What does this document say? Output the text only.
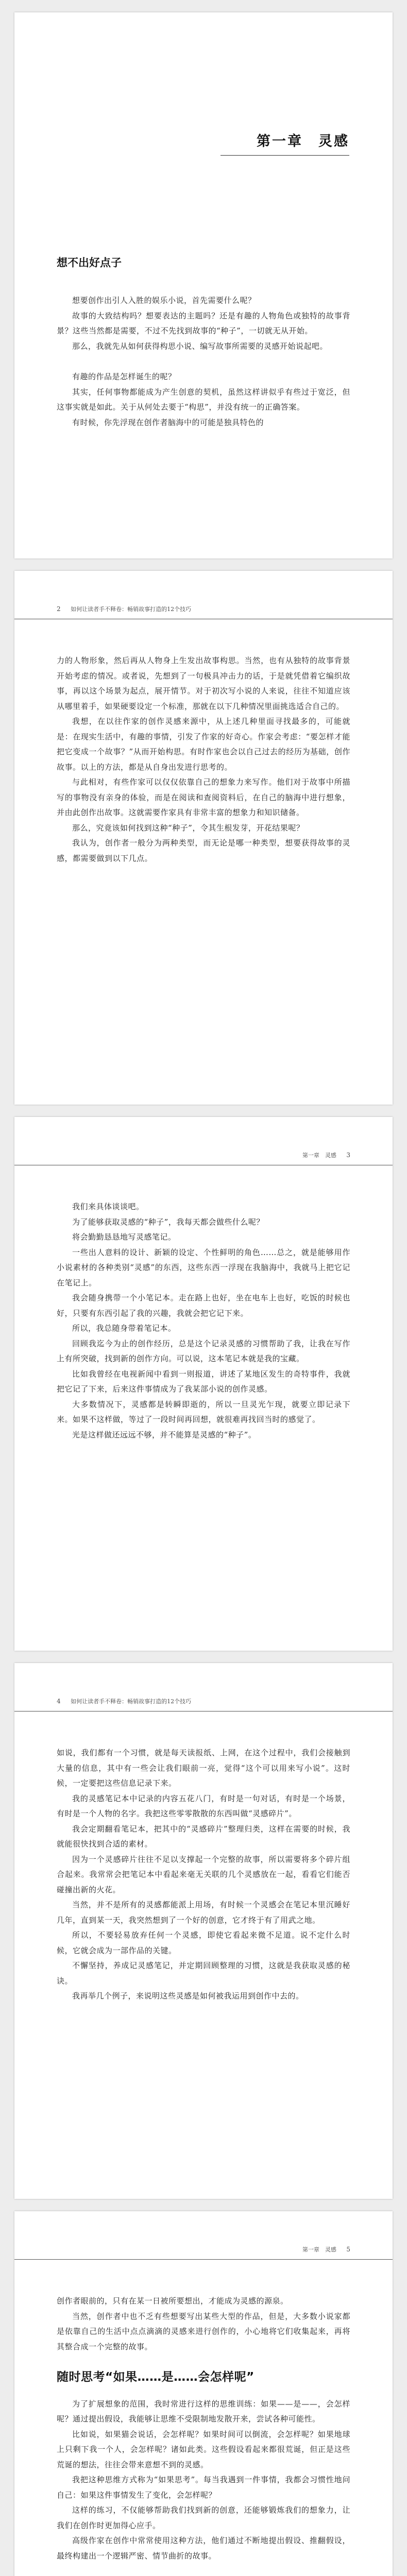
第一章　灵感
想不出好点子

想要创作出引人入胜的娱乐小说，首先需要什么呢？

故事的大致结构吗？想要表达的主题吗？还是有趣的人物角色或独特的故事背景？这些当然都是需要，不过不先找到故事的“种子”，一切就无从开始。

那么，我就先从如何获得构思小说、编写故事所需要的灵感开始说起吧。

有趣的作品是怎样诞生的呢？

其实，任何事物都能成为产生创意的契机，虽然这样讲似乎有些过于宽泛，但这事实就是如此。关于从何处去要于“构思”，并没有统一的正确答案。

有时候，你先浮现在创作者脑海中的可能是独具特色的

2 如何让读者手不释卷：畅销故事打造的12个技巧

力的人物形象，然后再从人物身上生发出故事构思。当然，也有从独特的故事背景开始考虑的情况。或者说，先想到了一句极具冲击力的话，于是就凭借着它编织故事，再以这个场景为起点，展开情节。对于初次写小说的人来说，往往不知道应该从哪里着手，如果硬要设定一个标准，那就在以下几种情况里面挑选适合自己的。

我想，在以往作家的创作灵感来源中，从上述几种里面寻找最多的，可能就是：在现实生活中，有趣的事情，引发了作家的好奇心。作家会考虑：“要怎样才能把它变成一个故事？”从而开始构思。有时作家也会以自己过去的经历为基础，创作故事。以上的方法，都是从自身出发进行思考的。

与此相对，有些作家可以仅仅依靠自己的想象力来写作。他们对于故事中所描写的事物没有亲身的体验，而是在阅读和查阅资料后，在自己的脑海中进行想象，并由此创作出故事。这就需要作家具有非常丰富的想象力和知识储备。

那么，究竟该如何找到这种“种子”，令其生根发芽，开花结果呢？

我认为，创作者一般分为两种类型，而无论是哪一种类型，想要获得故事的灵感，都需要做到以下几点。

第一章　灵感 3

我们来具体谈谈吧。

为了能够获取灵感的“种子”，我每天都会做些什么呢？

将会勤勤恳恳地写灵感笔记。

一些出人意料的设计、新颖的设定、个性鲜明的角色……总之，就是能够用作小说素材的各种类别“灵感”的东西，这些东西一浮现在我脑海中，我就马上把它记在笔记上。

我会随身携带一个小笔记本。走在路上也好，坐在电车上也好，吃饭的时候也好，只要有东西引起了我的兴趣，我就会把它记下来。

所以，我总随身带着笔记本。

回顾我迄今为止的创作经历，总是这个记录灵感的习惯帮助了我，让我在写作上有所突破，找到新的创作方向。可以说，这本笔记本就是我的宝藏。

比如我曾经在电视新闻中看到一则报道，讲述了某地区发生的奇特事件，我就把它记了下来，后来这件事情成为了我某部小说的创作灵感。

大多数情况下，灵感都是转瞬即逝的，所以一旦灵光乍现，就要立即记录下来。如果不这样做，等过了一段时间再回想，就很难再找回当时的感觉了。

光是这样做还远远不够，并不能算是灵感的“种子”。

4 如何让读者手不释卷：畅销故事打造的12个技巧

如说，我们都有一个习惯，就是每天读报纸、上网，在这个过程中，我们会接触到大量的信息，其中有一些会让我们眼前一亮，觉得“这个可以用来写小说”。这时候，一定要把这些信息记录下来。

我的灵感笔记本中记录的内容五花八门，有时是一句对话，有时是一个场景，有时是一个人物的名字。我把这些零零散散的东西叫做“灵感碎片”。

我会定期翻看笔记本，把其中的“灵感碎片”整理归类，这样在需要的时候，我就能很快找到合适的素材。

因为一个灵感碎片往往不足以支撑起一个完整的故事，所以需要将多个碎片组合起来。我常常会把笔记本中看起来毫无关联的几个灵感放在一起，看看它们能否碰撞出新的火花。

当然，并不是所有的灵感都能派上用场，有时候一个灵感会在笔记本里沉睡好几年，直到某一天，我突然想到了一个好的创意，它才终于有了用武之地。

所以，不要轻易放弃任何一个灵感，即使它看起来微不足道。说不定什么时候，它就会成为一部作品的关键。

不懈坚持，养成记灵感笔记，并定期回顾整理的习惯，这就是我获取灵感的秘诀。

我再举几个例子，来说明这些灵感是如何被我运用到创作中去的。

第一章　灵感 5

创作者眼前的，只有在某一日被所要想出，才能成为灵感的源泉。

当然，创作者中也不乏有些想要写出某些大型的作品，但是，大多数小说家都是依靠自己的生活中点点滴滴的灵感来进行创作的，小心地将它们收集起来，再将其整合成一个完整的故事。

随时思考“如果……是……会怎样呢”

为了扩展想象的范围，我时常进行这样的思维训练：如果——是——，会怎样呢？通过提出假设，我能够让思维不受限制地发散开来，尝试各种可能性。

比如说，如果猫会说话，会怎样呢？如果时间可以倒流，会怎样呢？如果地球上只剩下我一个人，会怎样呢？诸如此类。这些假设看起来都很荒诞，但正是这些荒诞的想法，往往会带来意想不到的灵感。

我把这种思维方式称为“如果思考”。每当我遇到一件事情，我都会习惯性地问自己：如果这件事情发生了变化，会怎样呢？

这样的练习，不仅能够帮助我们找到新的创意，还能够锻炼我们的想象力，让我们在创作时更加得心应手。

高级作家在创作中常常使用这种方法，他们通过不断地提出假设、推翻假设，最终构建出一个逻辑严密、情节曲折的故事。
